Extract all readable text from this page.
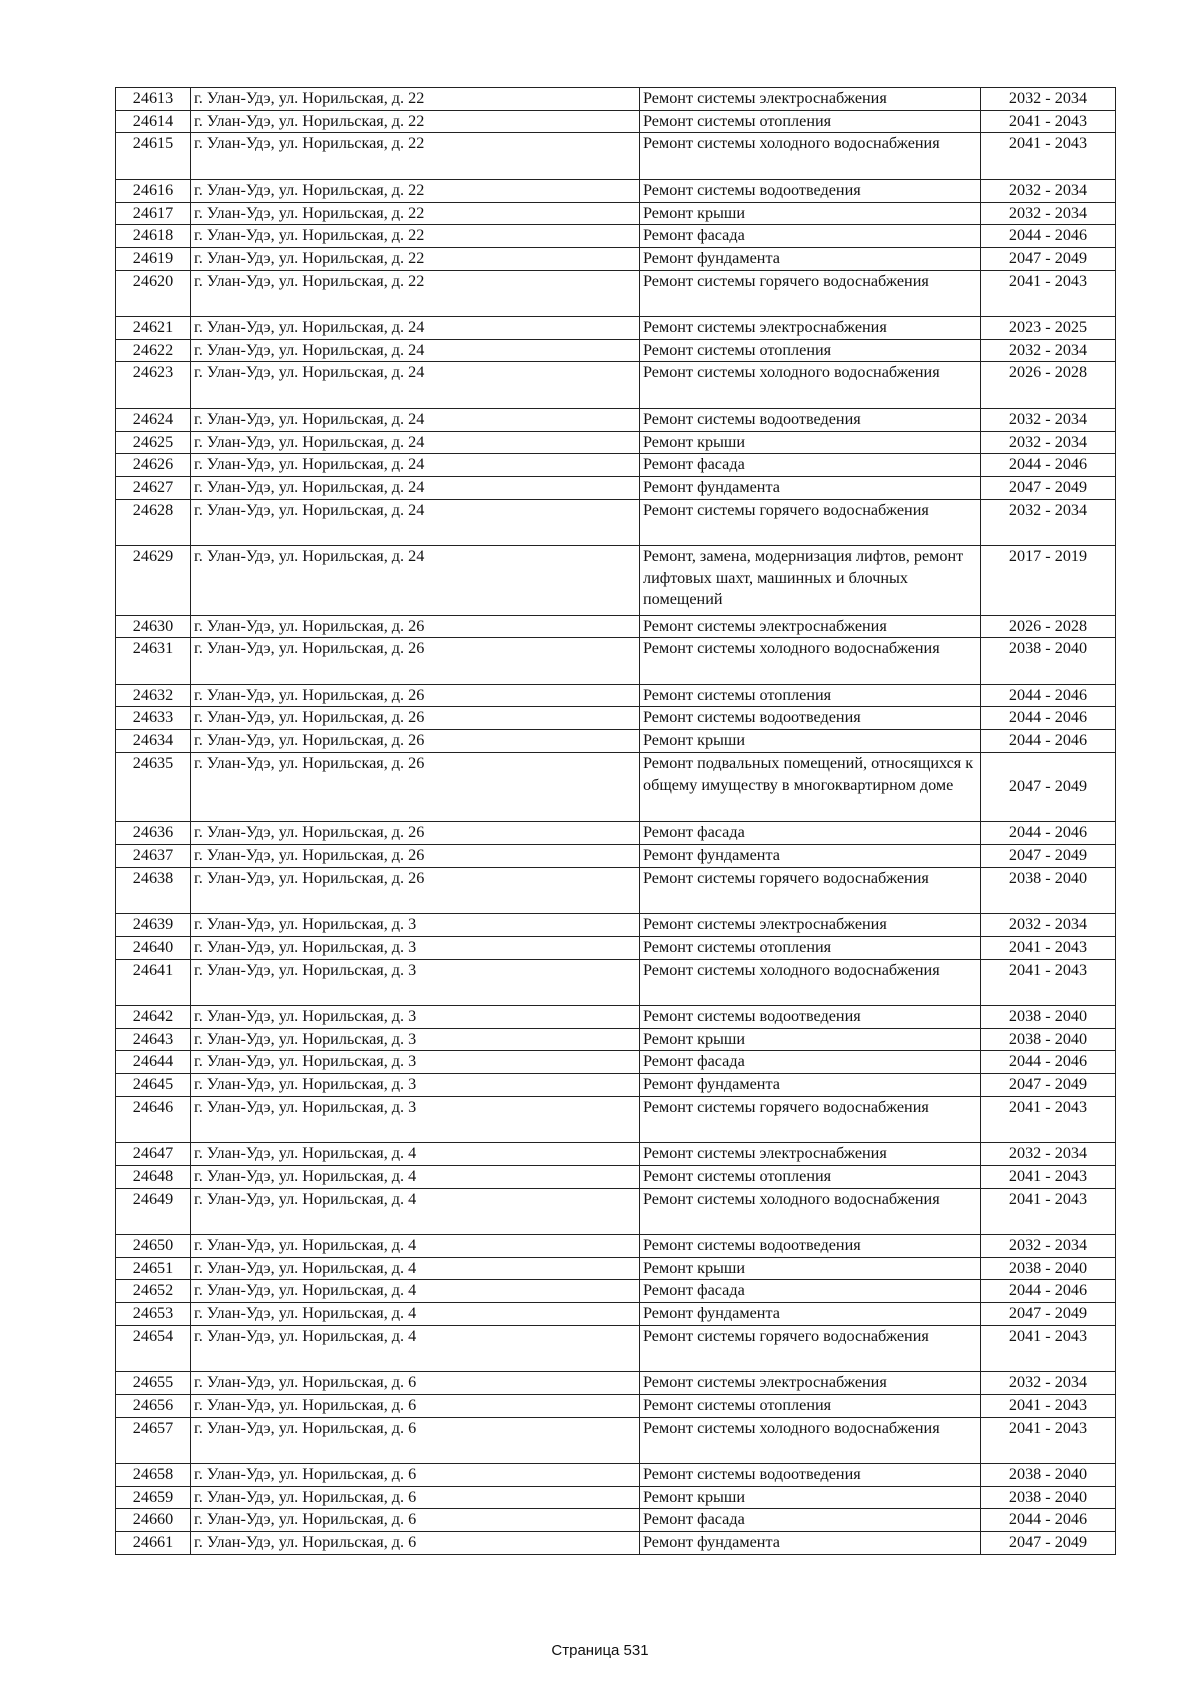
24613	г. Улан-Удэ, ул. Норильская, д. 22	Ремонт системы электроснабжения	2032 - 2034
24614	г. Улан-Удэ, ул. Норильская, д. 22	Ремонт системы отопления	2041 - 2043
24615	г. Улан-Удэ, ул. Норильская, д. 22	Ремонт системы холодного водоснабжения	2041 - 2043
24616	г. Улан-Удэ, ул. Норильская, д. 22	Ремонт системы водоотведения	2032 - 2034
24617	г. Улан-Удэ, ул. Норильская, д. 22	Ремонт крыши	2032 - 2034
24618	г. Улан-Удэ, ул. Норильская, д. 22	Ремонт фасада	2044 - 2046
24619	г. Улан-Удэ, ул. Норильская, д. 22	Ремонт фундамента	2047 - 2049
24620	г. Улан-Удэ, ул. Норильская, д. 22	Ремонт системы горячего водоснабжения	2041 - 2043
24621	г. Улан-Удэ, ул. Норильская, д. 24	Ремонт системы электроснабжения	2023 - 2025
24622	г. Улан-Удэ, ул. Норильская, д. 24	Ремонт системы отопления	2032 - 2034
24623	г. Улан-Удэ, ул. Норильская, д. 24	Ремонт системы холодного водоснабжения	2026 - 2028
24624	г. Улан-Удэ, ул. Норильская, д. 24	Ремонт системы водоотведения	2032 - 2034
24625	г. Улан-Удэ, ул. Норильская, д. 24	Ремонт крыши	2032 - 2034
24626	г. Улан-Удэ, ул. Норильская, д. 24	Ремонт фасада	2044 - 2046
24627	г. Улан-Удэ, ул. Норильская, д. 24	Ремонт фундамента	2047 - 2049
24628	г. Улан-Удэ, ул. Норильская, д. 24	Ремонт системы горячего водоснабжения	2032 - 2034
24629	г. Улан-Удэ, ул. Норильская, д. 24	Ремонт, замена, модернизация лифтов, ремонт лифтовых шахт, машинных и блочных помещений	2017 - 2019
24630	г. Улан-Удэ, ул. Норильская, д. 26	Ремонт системы электроснабжения	2026 - 2028
24631	г. Улан-Удэ, ул. Норильская, д. 26	Ремонт системы холодного водоснабжения	2038 - 2040
24632	г. Улан-Удэ, ул. Норильская, д. 26	Ремонт системы отопления	2044 - 2046
24633	г. Улан-Удэ, ул. Норильская, д. 26	Ремонт системы водоотведения	2044 - 2046
24634	г. Улан-Удэ, ул. Норильская, д. 26	Ремонт крыши	2044 - 2046
24635	г. Улан-Удэ, ул. Норильская, д. 26	Ремонт подвальных помещений, относящихся к общему имуществу в многоквартирном доме	2047 - 2049
24636	г. Улан-Удэ, ул. Норильская, д. 26	Ремонт фасада	2044 - 2046
24637	г. Улан-Удэ, ул. Норильская, д. 26	Ремонт фундамента	2047 - 2049
24638	г. Улан-Удэ, ул. Норильская, д. 26	Ремонт системы горячего водоснабжения	2038 - 2040
24639	г. Улан-Удэ, ул. Норильская, д. 3	Ремонт системы электроснабжения	2032 - 2034
24640	г. Улан-Удэ, ул. Норильская, д. 3	Ремонт системы отопления	2041 - 2043
24641	г. Улан-Удэ, ул. Норильская, д. 3	Ремонт системы холодного водоснабжения	2041 - 2043
24642	г. Улан-Удэ, ул. Норильская, д. 3	Ремонт системы водоотведения	2038 - 2040
24643	г. Улан-Удэ, ул. Норильская, д. 3	Ремонт крыши	2038 - 2040
24644	г. Улан-Удэ, ул. Норильская, д. 3	Ремонт фасада	2044 - 2046
24645	г. Улан-Удэ, ул. Норильская, д. 3	Ремонт фундамента	2047 - 2049
24646	г. Улан-Удэ, ул. Норильская, д. 3	Ремонт системы горячего водоснабжения	2041 - 2043
24647	г. Улан-Удэ, ул. Норильская, д. 4	Ремонт системы электроснабжения	2032 - 2034
24648	г. Улан-Удэ, ул. Норильская, д. 4	Ремонт системы отопления	2041 - 2043
24649	г. Улан-Удэ, ул. Норильская, д. 4	Ремонт системы холодного водоснабжения	2041 - 2043
24650	г. Улан-Удэ, ул. Норильская, д. 4	Ремонт системы водоотведения	2032 - 2034
24651	г. Улан-Удэ, ул. Норильская, д. 4	Ремонт крыши	2038 - 2040
24652	г. Улан-Удэ, ул. Норильская, д. 4	Ремонт фасада	2044 - 2046
24653	г. Улан-Удэ, ул. Норильская, д. 4	Ремонт фундамента	2047 - 2049
24654	г. Улан-Удэ, ул. Норильская, д. 4	Ремонт системы горячего водоснабжения	2041 - 2043
24655	г. Улан-Удэ, ул. Норильская, д. 6	Ремонт системы электроснабжения	2032 - 2034
24656	г. Улан-Удэ, ул. Норильская, д. 6	Ремонт системы отопления	2041 - 2043
24657	г. Улан-Удэ, ул. Норильская, д. 6	Ремонт системы холодного водоснабжения	2041 - 2043
24658	г. Улан-Удэ, ул. Норильская, д. 6	Ремонт системы водоотведения	2038 - 2040
24659	г. Улан-Удэ, ул. Норильская, д. 6	Ремонт крыши	2038 - 2040
24660	г. Улан-Удэ, ул. Норильская, д. 6	Ремонт фасада	2044 - 2046
24661	г. Улан-Удэ, ул. Норильская, д. 6	Ремонт фундамента	2047 - 2049
Страница 531
